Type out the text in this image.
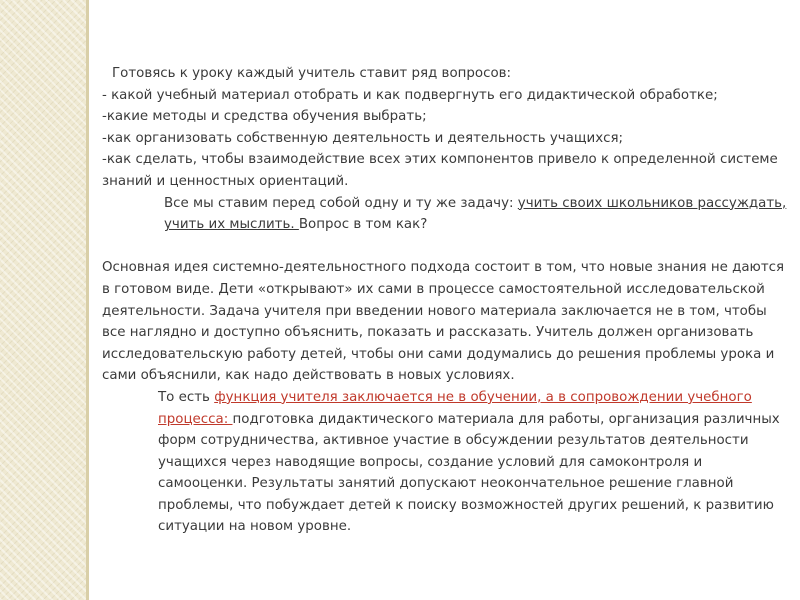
Готовясь к уроку каждый учитель ставит ряд вопросов:

- какой учебный материал отобрать и как подвергнуть его дидактической обработке;

-какие методы и средства обучения выбрать;

-как организовать собственную деятельность и деятельность учащихся;

-как сделать, чтобы взаимодействие всех этих компонентов привело к определенной системе знаний и ценностных ориентаций.

Все мы ставим перед собой одну и ту же задачу: учить своих школьников рассуждать, учить их мыслить. Вопрос в том как?

Основная идея системно-деятельностного подхода состоит в том, что новые знания не даются в готовом виде. Дети «открывают» их сами в процессе самостоятельной исследовательской деятельности. Задача учителя при введении нового материала заключается не в том, чтобы все наглядно и доступно объяснить, показать и рассказать. Учитель должен организовать исследовательскую работу детей, чтобы они сами додумались до решения проблемы урока и сами объяснили, как надо действовать в новых условиях.

То есть функция учителя заключается не в обучении, а в сопровождении учебного процесса: подготовка дидактического материала для работы, организация различных форм сотрудничества, активное участие в обсуждении результатов деятельности учащихся через наводящие вопросы, создание условий для самоконтроля и самооценки. Результаты занятий допускают неокончательное решение главной проблемы, что побуждает детей к поиску возможностей других решений, к развитию ситуации на новом уровне.
